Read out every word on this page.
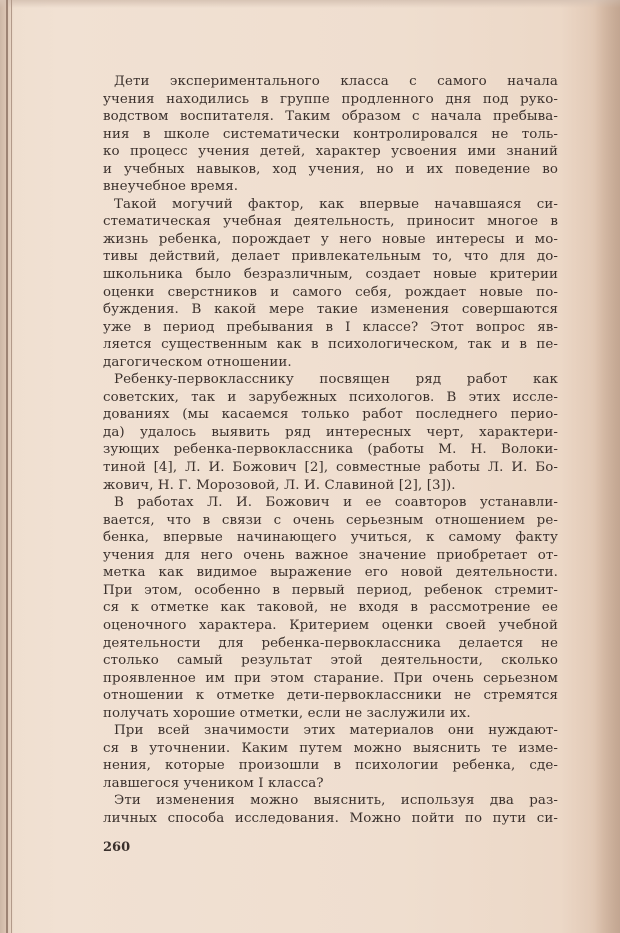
Дети экспериментального класса с самого начала
учения находились в группе продленного дня под руко-
водством воспитателя. Таким образом с начала пребыва-
ния в школе систематически контролировался не толь-
ко процесс учения детей, характер усвоения ими знаний
и учебных навыков, ход учения, но и их поведение во
внеучебное время.
Такой могучий фактор, как впервые начавшаяся си-
стематическая учебная деятельность, приносит многое в
жизнь ребенка, порождает у него новые интересы и мо-
тивы действий, делает привлекательным то, что для до-
школьника было безразличным, создает новые критерии
оценки сверстников и самого себя, рождает новые по-
буждения. В какой мере такие изменения совершаются
уже в период пребывания в I классе? Этот вопрос яв-
ляется существенным как в психологическом, так и в пе-
дагогическом отношении.
Ребенку-первокласснику посвящен ряд работ как
советских, так и зарубежных психологов. В этих иссле-
дованиях (мы касаемся только работ последнего перио-
да) удалось выявить ряд интересных черт, характери-
зующих ребенка-первоклассника (работы М. Н. Волоки-
тиной [4], Л. И. Божович [2], совместные работы Л. И. Бо-
жович, Н. Г. Морозовой, Л. И. Славиной [2], [3]).
В работах Л. И. Божович и ее соавторов устанавли-
вается, что в связи с очень серьезным отношением ре-
бенка, впервые начинающего учиться, к самому факту
учения для него очень важное значение приобретает от-
метка как видимое выражение его новой деятельности.
При этом, особенно в первый период, ребенок стремит-
ся к отметке как таковой, не входя в рассмотрение ее
оценочного характера. Критерием оценки своей учебной
деятельности для ребенка-первоклассника делается не
столько самый результат этой деятельности, сколько
проявленное им при этом старание. При очень серьезном
отношении к отметке дети-первоклассники не стремятся
получать хорошие отметки, если не заслужили их.
При всей значимости этих материалов они нуждают-
ся в уточнении. Каким путем можно выяснить те изме-
нения, которые произошли в психологии ребенка, сде-
лавшегося учеником I класса?
Эти изменения можно выяснить, используя два раз-
личных способа исследования. Можно пойти по пути си-
260
